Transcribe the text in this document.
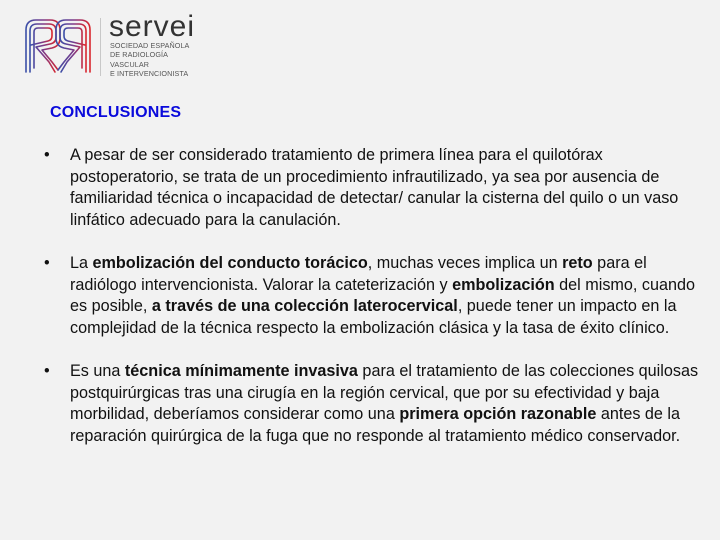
servei
SOCIEDAD ESPAÑOLA
DE RADIOLOGÍA
VASCULAR
E INTERVENCIONISTA
CONCLUSIONES
•	A pesar de ser considerado tratamiento de primera línea para el quilotórax postoperatorio, se trata de un procedimiento infrautilizado, ya sea por ausencia de familiaridad técnica o incapacidad de detectar/ canular la cisterna del quilo o un vaso linfático adecuado para la canulación.
•	La embolización del conducto torácico, muchas veces implica un reto para el radiólogo intervencionista. Valorar la cateterización y embolización del mismo, cuando es posible, a través de una colección laterocervical, puede tener un impacto en la complejidad de la técnica respecto la embolización clásica y la tasa de éxito clínico.
•	Es una técnica mínimamente invasiva para el tratamiento de las colecciones quilosas postquirúrgicas tras una cirugía en la región cervical, que por su efectividad y baja morbilidad, deberíamos considerar como una primera opción razonable antes de la reparación quirúrgica de la fuga que no responde al tratamiento médico conservador.
